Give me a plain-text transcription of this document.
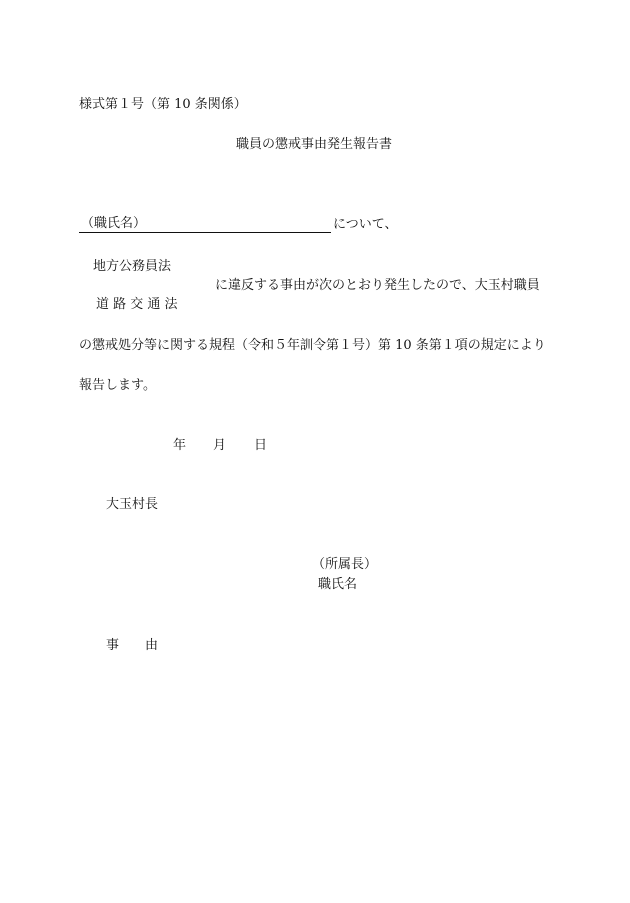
様式第１号（第 10 条関係）
職員の懲戒事由発生報告書
（職氏名）	について、
地方公務員法
に違反する事由が次のとおり発生したので、大玉村職員
道 路 交 通 法
の懲戒処分等に関する規程（令和５年訓令第１号）第 10 条第１項の規定により
報告します。
年 月 日
大玉村長
（所属長）
職氏名
事　　由
